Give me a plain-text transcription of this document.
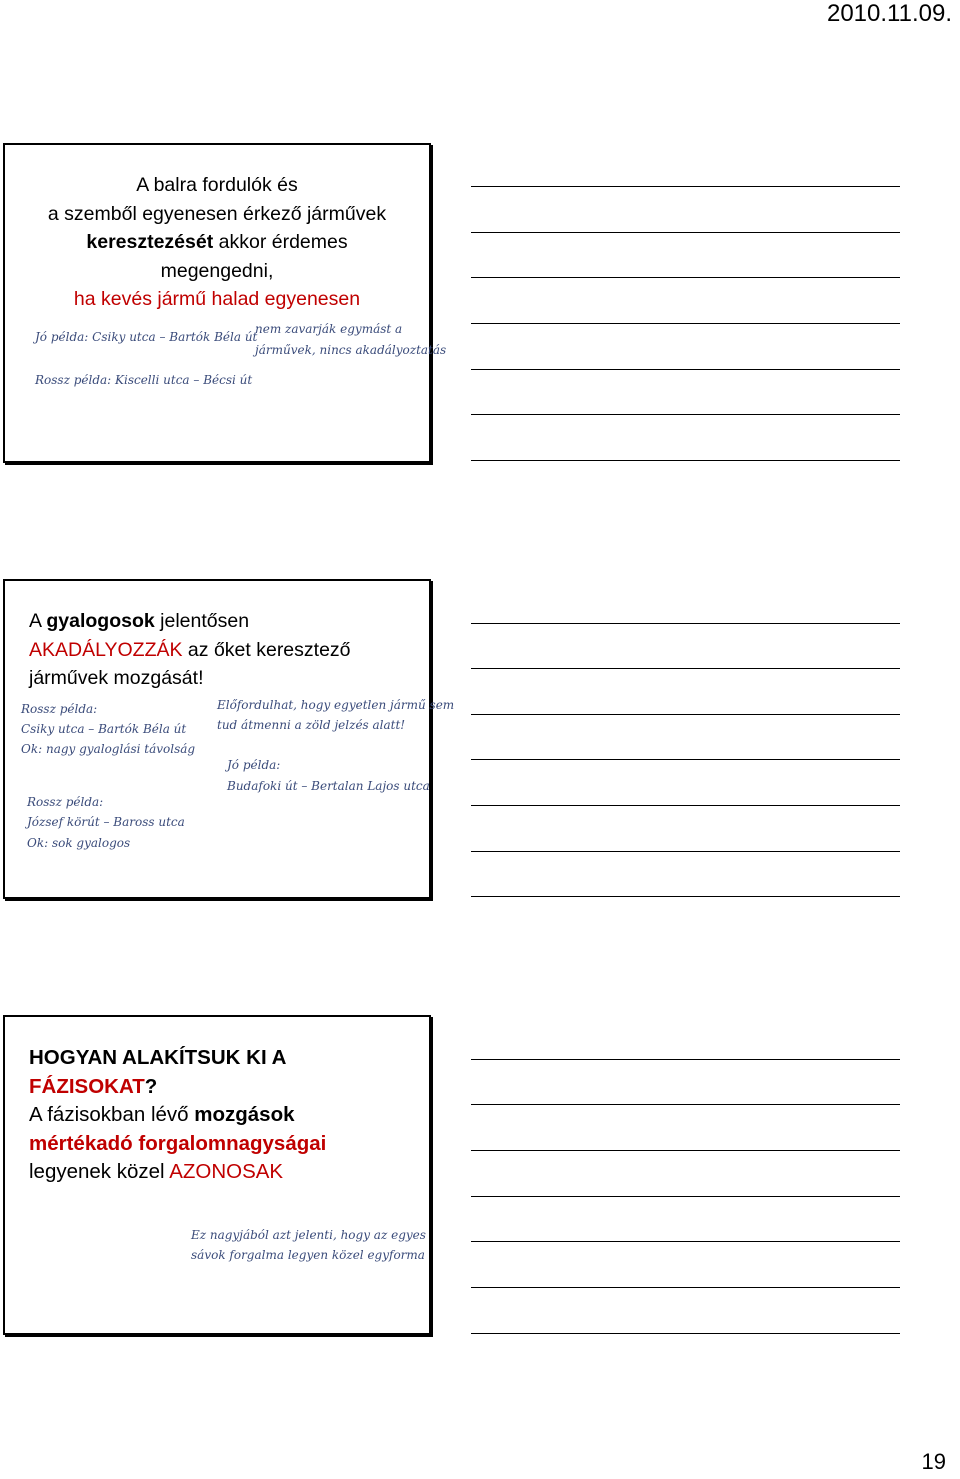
2010.11.09.
A balra fordulók és
a szemből egyenesen érkező járművek
keresztezését akkor érdemes
megengedni,
ha kevés jármű halad egyenesen
Jó példa: Csiky utca – Bartók Béla út
nem zavarják egymást a
járművek, nincs akadályoztatás
Rossz példa: Kiscelli utca – Bécsi út
A gyalogosok jelentősen
AKADÁLYOZZÁK az őket keresztező
járművek mozgását!
Rossz példa:
Csiky utca – Bartók Béla út
Ok: nagy gyaloglási távolság
Előfordulhat, hogy egyetlen jármű sem
tud átmenni a zöld jelzés alatt!
Jó példa:
Budafoki út – Bertalan Lajos utca
Rossz példa:
József körút – Baross utca
Ok: sok gyalogos
HOGYAN ALAKÍTSUK KI A
FÁZISOKAT?
A fázisokban lévő mozgások
mértékadó forgalomnagyságai
legyenek közel AZONOSAK
Ez nagyjából azt jelenti, hogy az egyes
sávok forgalma legyen közel egyforma
19
